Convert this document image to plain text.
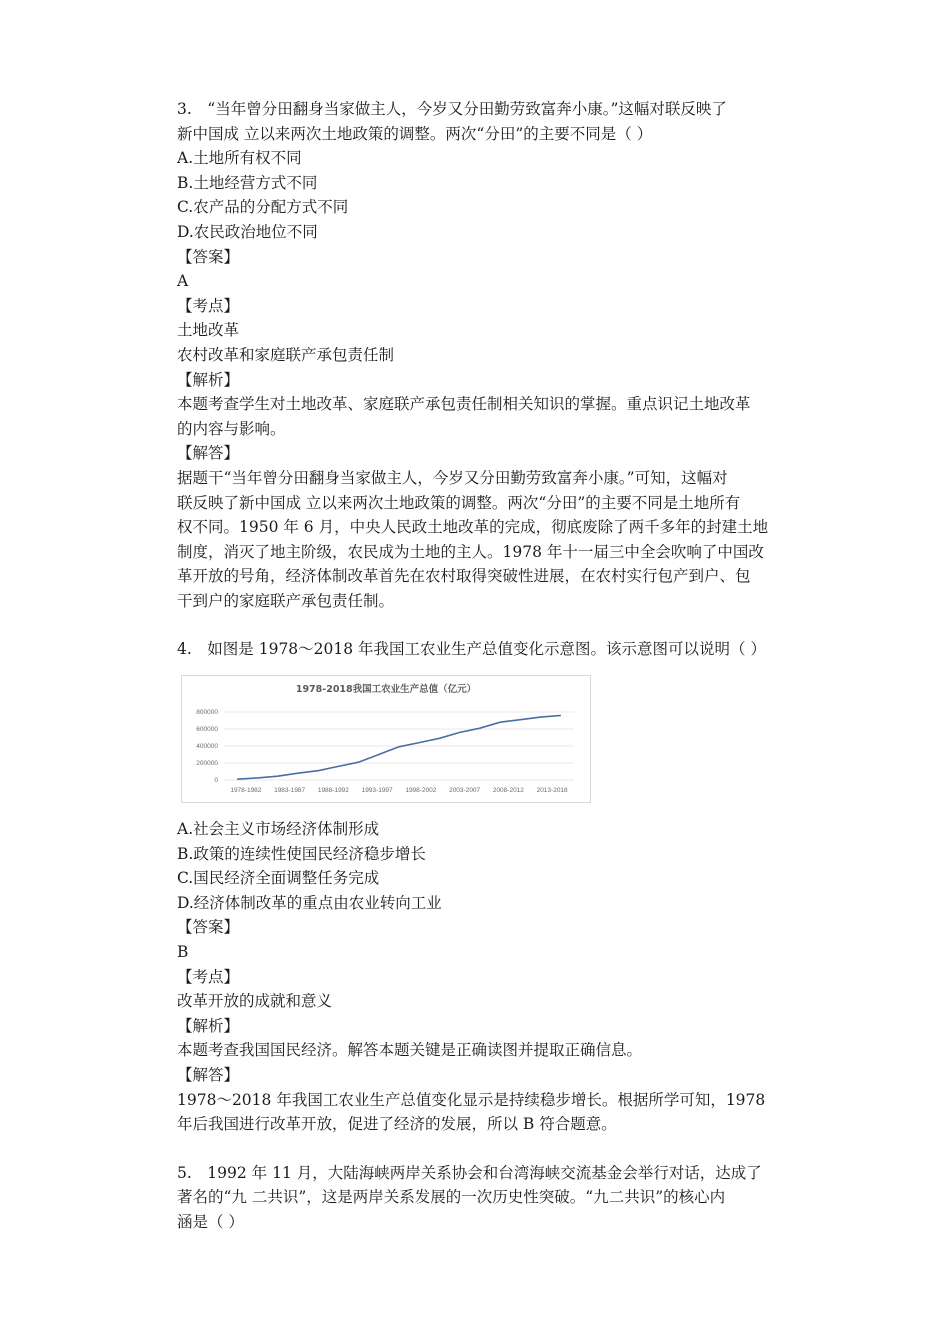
3.　“当年曾分田翻身当家做主人，今岁又分田勤劳致富奔小康。”这幅对联反映了
新中国成 立以来两次土地政策的调整。两次“分田”的主要不同是（ ）
A.土地所有权不同
B.土地经营方式不同
C.农产品的分配方式不同
D.农民政治地位不同
【答案】
A
【考点】
土地改革
农村改革和家庭联产承包责任制
【解析】
本题考查学生对土地改革、家庭联产承包责任制相关知识的掌握。重点识记土地改革
的内容与影响。
【解答】
据题干“当年曾分田翻身当家做主人，今岁又分田勤劳致富奔小康。”可知，这幅对
联反映了新中国成 立以来两次土地政策的调整。两次“分田”的主要不同是土地所有
权不同。1950 年 6 月，中央人民政土地改革的完成，彻底废除了两千多年的封建土地
制度，消灭了地主阶级，农民成为土地的主人。1978 年十一届三中全会吹响了中国改
革开放的号角，经济体制改革首先在农村取得突破性进展，在农村实行包产到户、包
干到户的家庭联产承包责任制。
4.　如图是 1978～2018 年我国工农业生产总值变化示意图。该示意图可以说明（ ）
1978-2018我国工农业生产总值（亿元）
800000
600000
400000
200000
0
1978-1982 1983-1987 1988-1992 1993-1997 1998-2002 2003-2007 2008-2012 2013-2018
A.社会主义市场经济体制形成
B.政策的连续性使国民经济稳步增长
C.国民经济全面调整任务完成
D.经济体制改革的重点由农业转向工业
【答案】
B
【考点】
改革开放的成就和意义
【解析】
本题考查我国国民经济。解答本题关键是正确读图并提取正确信息。
【解答】
1978～2018 年我国工农业生产总值变化显示是持续稳步增长。根据所学可知，1978
年后我国进行改革开放，促进了经济的发展，所以 B 符合题意。
5.　1992 年 11 月，大陆海峡两岸关系协会和台湾海峡交流基金会举行对话，达成了
著名的“九 二共识”，这是两岸关系发展的一次历史性突破。“九二共识”的核心内
涵是（ ）
